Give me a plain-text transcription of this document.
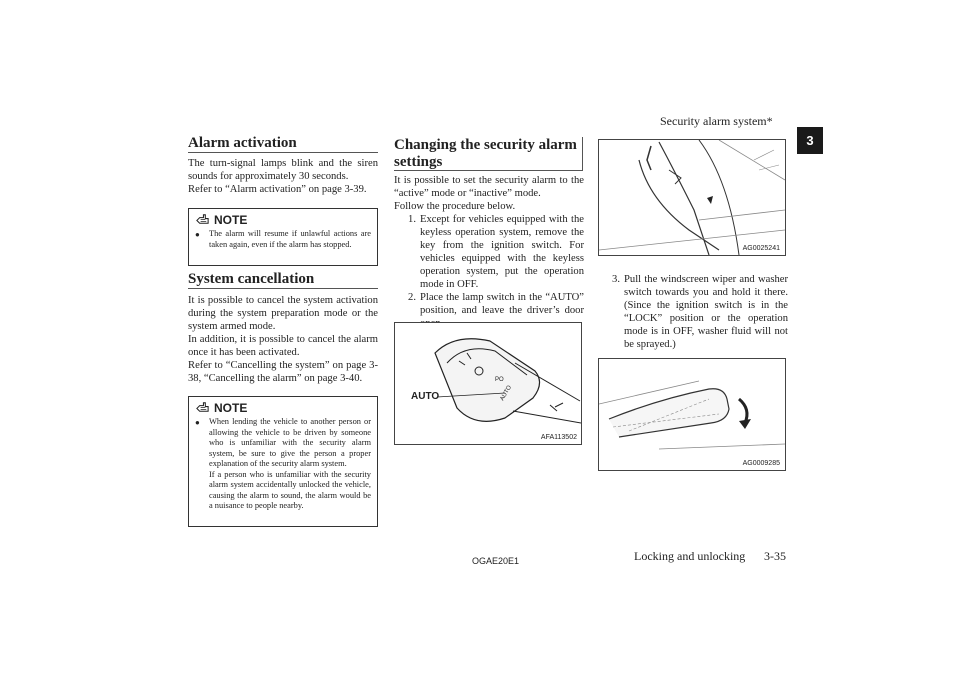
Security alarm system*
3
Alarm activation

The turn-signal lamps blink and the siren sounds for approximately 30 seconds.

Refer to “Alarm activation” on page 3-39.

NOTE
●	The alarm will resume if unlawful actions are taken again, even if the alarm has stopped.
System cancellation

It is possible to cancel the system activation during the system preparation mode or the system armed mode.

In addition, it is possible to cancel the alarm once it has been activated.

Refer to “Cancelling the system” on page 3-38, “Cancelling the alarm” on page 3-40.

NOTE
●	When lending the vehicle to another person or allowing the vehicle to be driven by someone who is unfamiliar with the security alarm system, be sure to give the person a proper explanation of the security alarm system.
If a person who is unfamiliar with the security alarm system accidentally unlocked the vehicle, causing the alarm to sound, the alarm would be a nuisance to people nearby.
Changing the security alarm settings

It is possible to set the security alarm to the “active” mode or “inactive” mode.

Follow the procedure below.

1. Except for vehicles equipped with the keyless operation system, remove the key from the ignition switch. For vehicles equipped with the keyless operation system, put the operation mode in OFF.
2. Place the lamp switch in the “AUTO” position, and leave the driver’s door
PO
AUTO
AUTO
AFA113502
AG0025241
3. Pull the windscreen wiper and washer switch towards you and hold it there. (Since the ignition switch is in the “LOCK” position or the operation mode is in OFF, washer fluid will not be sprayed.)
AG0009285
OGAE20E1	Locking and unlocking 3-35
